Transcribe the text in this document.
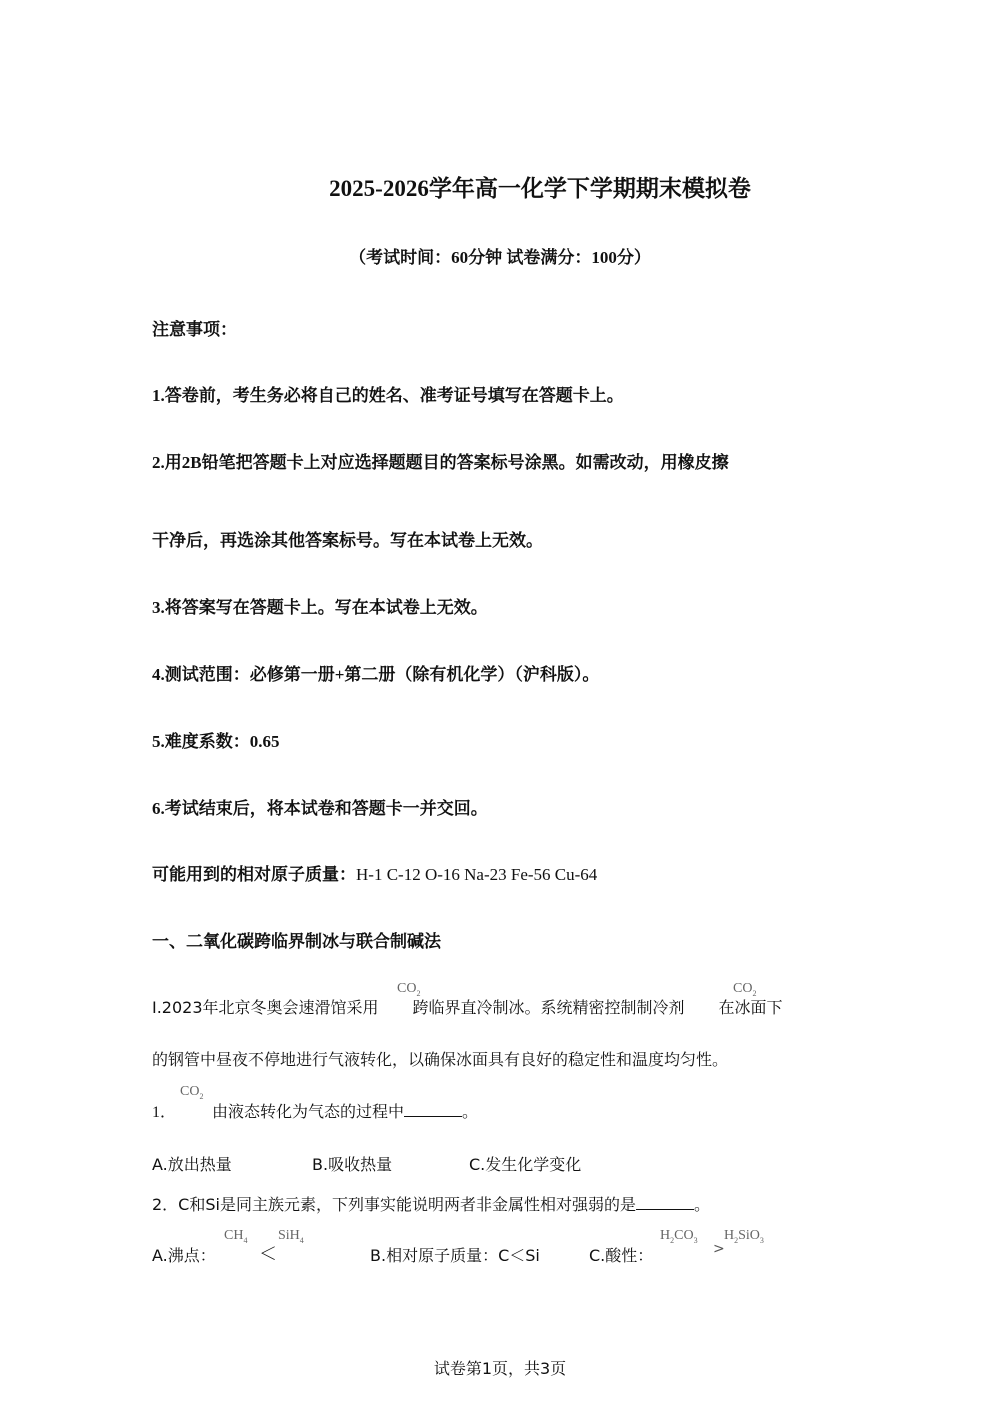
2025-2026学年高一化学下学期期末模拟卷
（考试时间：60分钟 试卷满分：100分）
注意事项：
1.答卷前，考生务必将自己的姓名、准考证号填写在答题卡上。
2.用2B铅笔把答题卡上对应选择题题目的答案标号涂黑。如需改动，用橡皮擦
干净后，再选涂其他答案标号。写在本试卷上无效。
3.将答案写在答题卡上。写在本试卷上无效。
4.测试范围：必修第一册+第二册（除有机化学）（沪科版）。
5.难度系数：0.65
6.考试结束后，将本试卷和答题卡一并交回。
可能用到的相对原子质量：H-1 C-12 O-16 Na-23 Fe-56 Cu-64
一、二氧化碳跨临界制冰与联合制碱法
I.2023年北京冬奥会速滑馆采用 跨临界直冷制冰。系统精密控制制冷剂 在冰面下
$CO_2$	$CO_2$
的钢管中昼夜不停地进行气液转化，以确保冰面具有良好的稳定性和温度均匀性。
1． 由液态转化为气态的过程中	。
$CO_2$
A.放出热量	B.吸收热量	C.发生化学变化
2．C和Si是同主族元素，下列事实能说明两者非金属性相对强弱的是	。
A.沸点：
$CH_4$
＜
SiH$_4$
B.相对原子质量：C＜Si	C.酸性：
$H_2CO_3$
>
$H_2SiO_3$
试卷第1页，共3页
